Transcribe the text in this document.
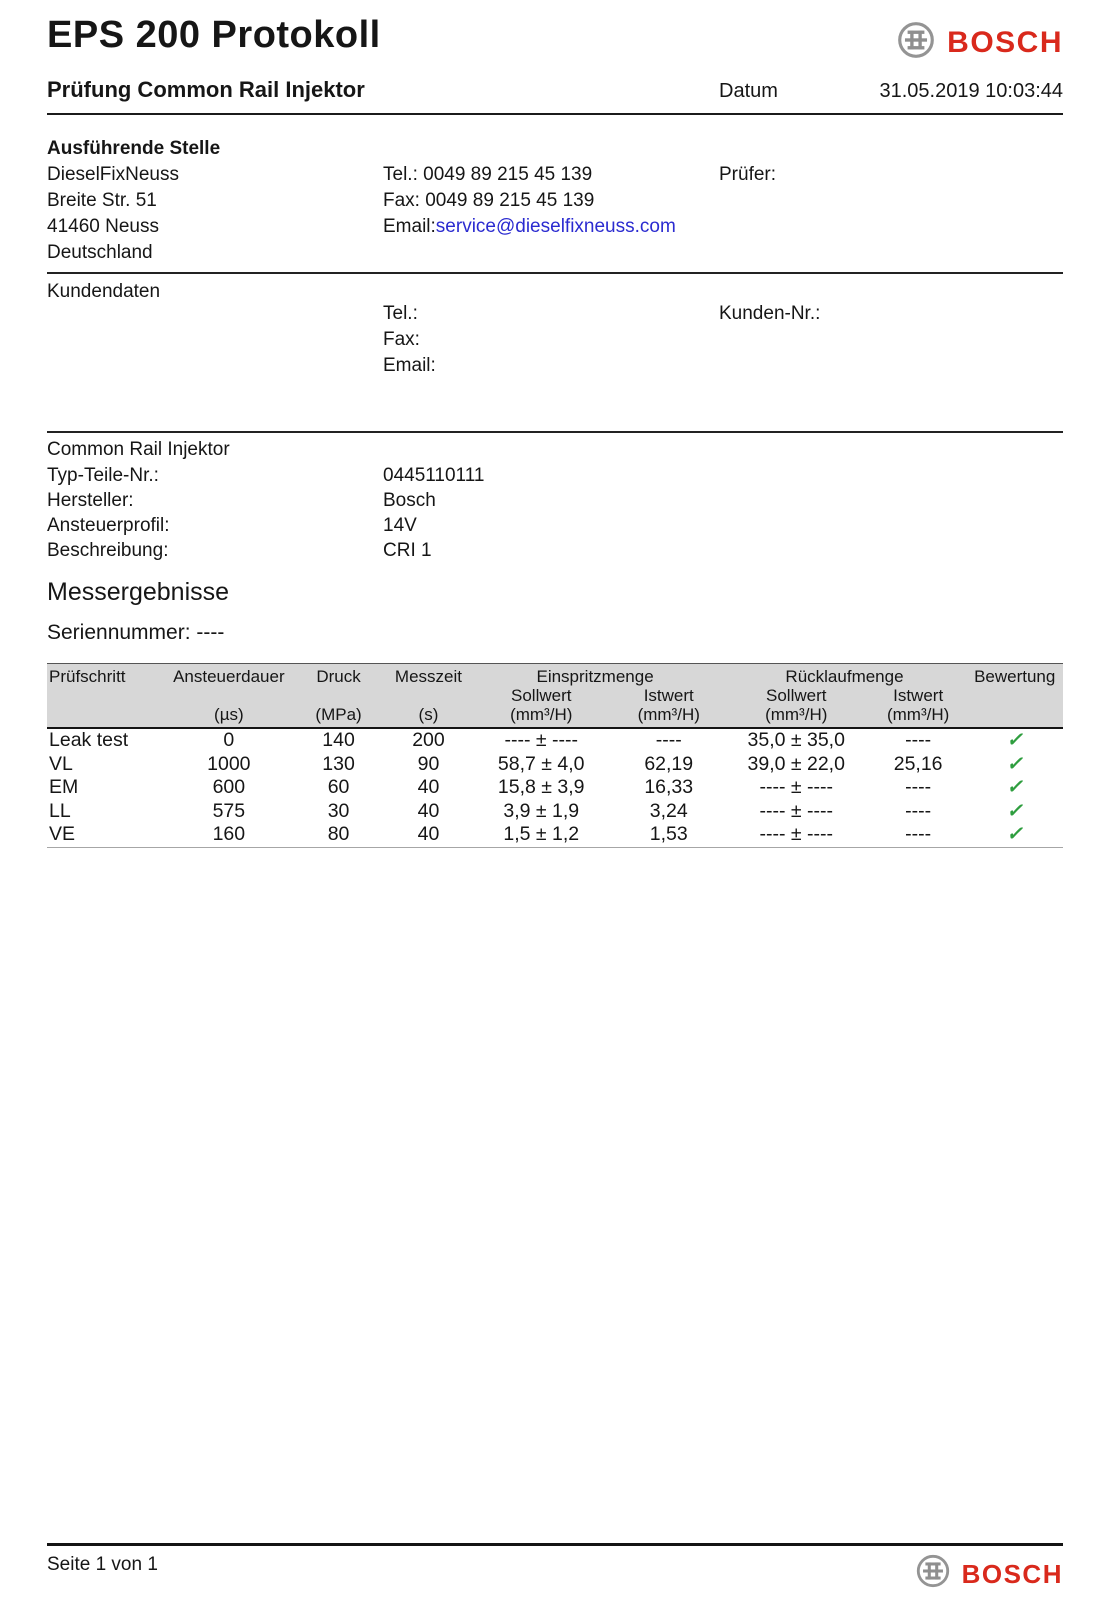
EPS 200 Protokoll	BOSCH
Prüfung Common Rail Injektor	Datum	31.05.2019 10:03:44
Ausführende Stelle
DieselFixNeuss
Breite Str. 51
41460 Neuss
Deutschland
Tel.: 0049 89 215 45 139
Fax: 0049 89 215 45 139
Email:service@dieselfixneuss.com
Prüfer:
Kundendaten
Tel.:
Fax:
Email:
Kunden-Nr.:
Common Rail Injektor
Typ-Teile-Nr.:	0445110111
Hersteller:	Bosch
Ansteuerprofil:	14V
Beschreibung:	CRI 1
Messergebnisse
Seriennummer: ----
Prüfschritt	Ansteuerdauer	Druck	Messzeit	Einspritzmenge		Rücklaufmenge		Bewertung
				Sollwert	Istwert	Sollwert	Istwert	
	(µs)	(MPa)	(s)	(mm³/H)	(mm³/H)	(mm³/H)	(mm³/H)	
Leak test	0	140	200	---- ± ----	----	35,0 ± 35,0	----	✓
VL	1000	130	90	58,7 ± 4,0	62,19	39,0 ± 22,0	25,16	✓
EM	600	60	40	15,8 ± 3,9	16,33	---- ± ----	----	✓
LL	575	30	40	3,9 ± 1,9	3,24	---- ± ----	----	✓
VE	160	80	40	1,5 ± 1,2	1,53	---- ± ----	----	✓
Seite 1 von 1	BOSCH
